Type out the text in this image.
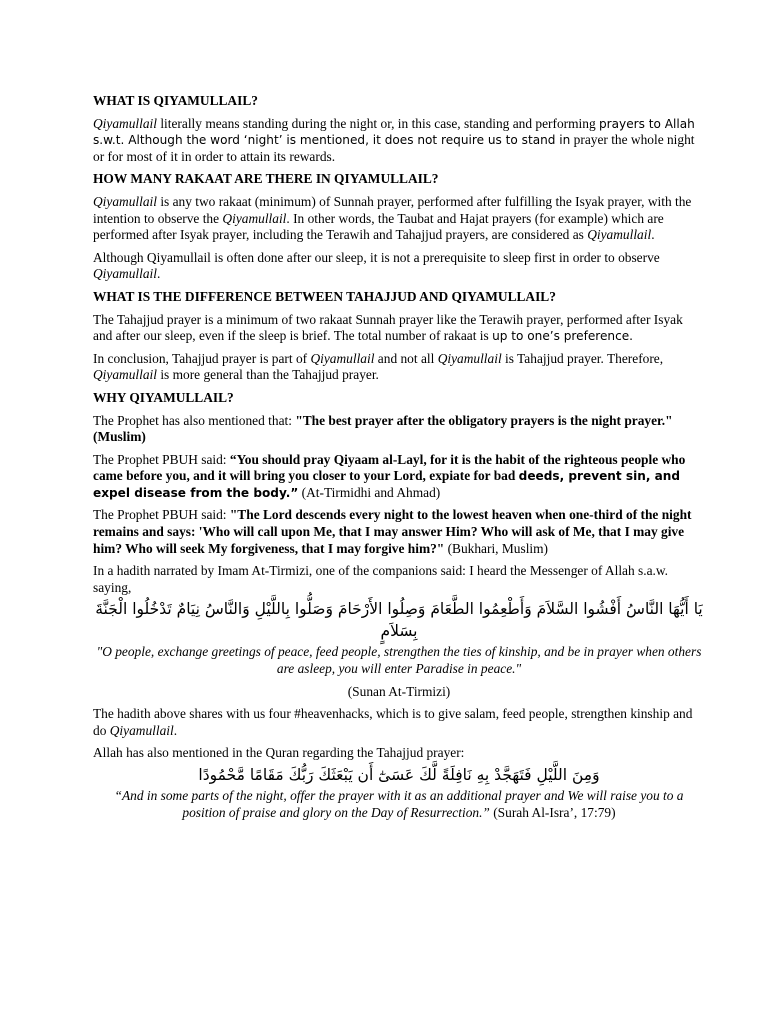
WHAT IS QIYAMULLAIL?

Qiyamullail literally means standing during the night or, in this case, standing and performing prayers to Allah s.w.t. Although the word ‘night’ is mentioned, it does not require us to stand in prayer the whole night or for most of it in order to attain its rewards.

HOW MANY RAKAAT ARE THERE IN QIYAMULLAIL?

Qiyamullail is any two rakaat (minimum) of Sunnah prayer, performed after fulfilling the Isyak prayer, with the intention to observe the Qiyamullail. In other words, the Taubat and Hajat prayers (for example) which are performed after Isyak prayer, including the Terawih and Tahajjud prayers, are considered as Qiyamullail.

Although Qiyamullail is often done after our sleep, it is not a prerequisite to sleep first in order to observe Qiyamullail.

WHAT IS THE DIFFERENCE BETWEEN TAHAJJUD AND QIYAMULLAIL?

The Tahajjud prayer is a minimum of two rakaat Sunnah prayer like the Terawih prayer, performed after Isyak and after our sleep, even if the sleep is brief. The total number of rakaat is up to one’s preference.

In conclusion, Tahajjud prayer is part of Qiyamullail and not all Qiyamullail is Tahajjud prayer. Therefore, Qiyamullail is more general than the Tahajjud prayer.

WHY QIYAMULLAIL?

The Prophet has also mentioned that: "The best prayer after the obligatory prayers is the night prayer." (Muslim)

The Prophet PBUH said: “You should pray Qiyaam al-Layl, for it is the habit of the righteous people who came before you, and it will bring you closer to your Lord, expiate for bad deeds, prevent sin, and expel disease from the body.” (At-Tirmidhi and Ahmad)

The Prophet PBUH said: "The Lord descends every night to the lowest heaven when one-third of the night remains and says: 'Who will call upon Me, that I may answer Him? Who will ask of Me, that I may give him? Who will seek My forgiveness, that I may forgive him?" (Bukhari, Muslim)

In a hadith narrated by Imam At-Tirmizi, one of the companions said: I heard the Messenger of Allah s.a.w. saying,

يَا أَيُّهَا النَّاسُ أَفْشُوا السَّلاَمَ وَأَطْعِمُوا الطَّعَامَ وَصِلُوا الأَرْحَامَ وَصَلُّوا بِاللَّيْلِ وَالنَّاسُ نِيَامٌ تَدْخُلُوا الْجَنَّةَ بِسَلاَمٍ

"O people, exchange greetings of peace, feed people, strengthen the ties of kinship, and be in prayer when others are asleep, you will enter Paradise in peace."

(Sunan At-Tirmizi)

The hadith above shares with us four #heavenhacks, which is to give salam, feed people, strengthen kinship and do Qiyamullail.

Allah has also mentioned in the Quran regarding the Tahajjud prayer:

وَمِنَ اللَّيْلِ فَتَهَجَّدْ بِهِ نَافِلَةً لَّكَ عَسَىٰٓ أَن يَبْعَثَكَ رَبُّكَ مَقَامًا مَّحْمُودًا

“And in some parts of the night, offer the prayer with it as an additional prayer and We will raise you to a position of praise and glory on the Day of Resurrection.” (Surah Al-Isra’, 17:79)
